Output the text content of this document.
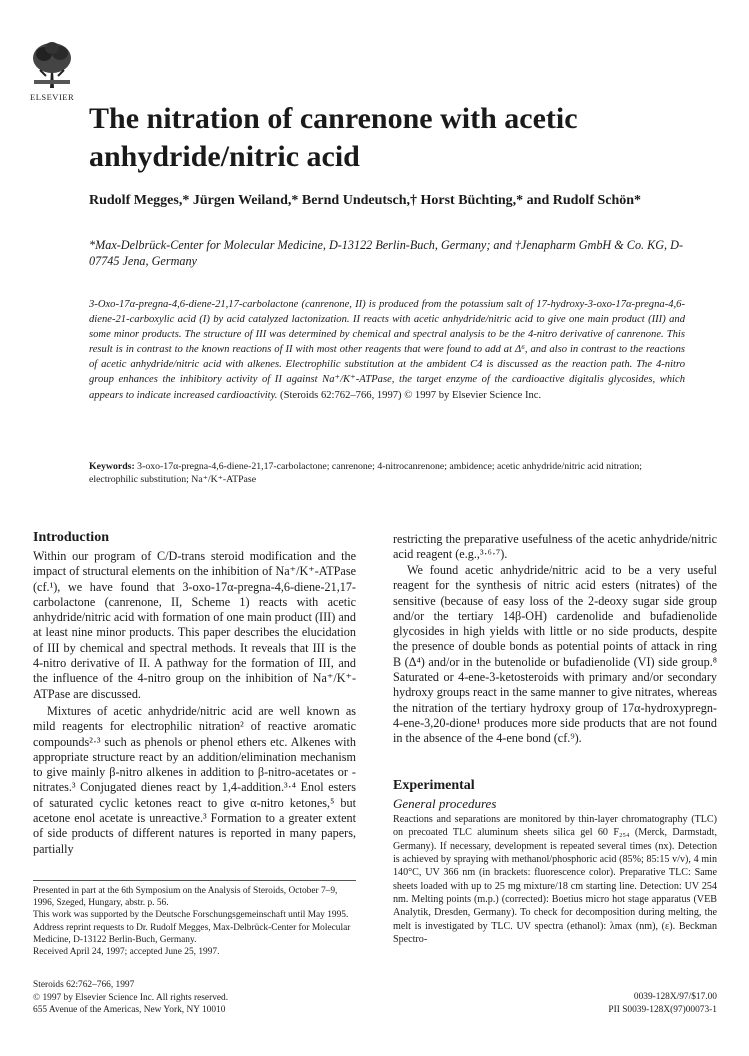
ELSEVIER
The nitration of canrenone with acetic anhydride/nitric acid
Rudolf Megges,* Jürgen Weiland,* Bernd Undeutsch,† Horst Büchting,* and Rudolf Schön*
*Max-Delbrück-Center for Molecular Medicine, D-13122 Berlin-Buch, Germany; and †Jenapharm GmbH & Co. KG, D-07745 Jena, Germany
3-Oxo-17α-pregna-4,6-diene-21,17-carbolactone (canrenone, II) is produced from the potassium salt of 17-hydroxy-3-oxo-17α-pregna-4,6-diene-21-carboxylic acid (I) by acid catalyzed lactonization. II reacts with acetic anhydride/nitric acid to give one main product (III) and some minor products. The structure of III was determined by chemical and spectral analysis to be the 4-nitro derivative of canrenone. This result is in contrast to the known reactions of II with most other reagents that were found to add at Δ⁶, and also in contrast to the reactions of acetic anhydride/nitric acid with alkenes. Electrophilic substitution at the ambident C4 is discussed as the reaction path. The 4-nitro group enhances the inhibitory activity of II against Na⁺/K⁺-ATPase, the target enzyme of the cardioactive digitalis glycosides, which appears to indicate increased cardioactivity. (Steroids 62:762–766, 1997) © 1997 by Elsevier Science Inc.
Keywords: 3-oxo-17α-pregna-4,6-diene-21,17-carbolactone; canrenone; 4-nitrocanrenone; ambidence; acetic anhydride/nitric acid nitration; electrophilic substitution; Na⁺/K⁺-ATPase
Introduction
Within our program of C/D-trans steroid modification and the impact of structural elements on the inhibition of Na⁺/K⁺-ATPase (cf.¹), we have found that 3-oxo-17α-pregna-4,6-diene-21,17-carbolactone (canrenone, II, Scheme 1) reacts with acetic anhydride/nitric acid with formation of one main product (III) and at least nine minor products. This paper describes the elucidation of III by chemical and spectral methods. It reveals that III is the 4-nitro derivative of II. A pathway for the formation of III, and the influence of the 4-nitro group on the inhibition of Na⁺/K⁺-ATPase are discussed.
Mixtures of acetic anhydride/nitric acid are well known as mild reagents for electrophilic nitration² of reactive aromatic compounds²·³ such as phenols or phenol ethers etc. Alkenes with appropriate structure react by an addition/elimination mechanism to give mainly β-nitro alkenes in addition to β-nitro-acetates or -nitrates.³ Conjugated dienes react by 1,4-addition.³·⁴ Enol esters of saturated cyclic ketones react to give α-nitro ketones,⁵ but acetone enol acetate is unreactive.³ Formation to a greater extent of side products of different natures is reported in many papers, partially
Presented in part at the 6th Symposium on the Analysis of Steroids, October 7–9, 1996, Szeged, Hungary, abstr. p. 56.
This work was supported by the Deutsche Forschungsgemeinschaft until May 1995.
Address reprint requests to Dr. Rudolf Megges, Max-Delbrück-Center for Molecular Medicine, D-13122 Berlin-Buch, Germany.
Received April 24, 1997; accepted June 25, 1997.
restricting the preparative usefulness of the acetic anhydride/nitric acid reagent (e.g.,³·⁶·⁷).
We found acetic anhydride/nitric acid to be a very useful reagent for the synthesis of nitric acid esters (nitrates) of the sensitive (because of easy loss of the 2-deoxy sugar side group and/or the tertiary 14β-OH) cardenolide and bufadienolide glycosides in high yields with little or no side products, despite the presence of double bonds as potential points of attack in ring B (Δ⁴) and/or in the butenolide or bufadienolide (VI) side group.⁸ Saturated or 4-ene-3-ketosteroids with primary and/or secondary hydroxy groups react in the same manner to give nitrates, whereas the nitration of the tertiary hydroxy group of 17α-hydroxypregn-4-ene-3,20-dione¹ produces more side products that are not found in the absence of the 4-ene bond (cf.⁹).
Experimental
General procedures
Reactions and separations are monitored by thin-layer chromatography (TLC) on precoated TLC aluminum sheets silica gel 60 F₂₅₄ (Merck, Darmstadt, Germany). If necessary, development is repeated several times (nx). Detection is achieved by spraying with methanol/phosphoric acid (85%; 85:15 v/v), 4 min 140°C, UV 366 nm (in brackets: fluorescence color). Preparative TLC: Same sheets loaded with up to 25 mg mixture/18 cm starting line. Detection: UV 254 nm. Melting points (m.p.) (corrected): Boetius micro hot stage apparatus (VEB Analytik, Dresden, Germany). To check for decomposition during melting, the melt is investigated by TLC. UV spectra (ethanol): λmax (nm), (ε). Beckman Spectro-
Steroids 62:762–766, 1997
© 1997 by Elsevier Science Inc. All rights reserved.
655 Avenue of the Americas, New York, NY 10010
0039-128X/97/$17.00
PII S0039-128X(97)00073-1
